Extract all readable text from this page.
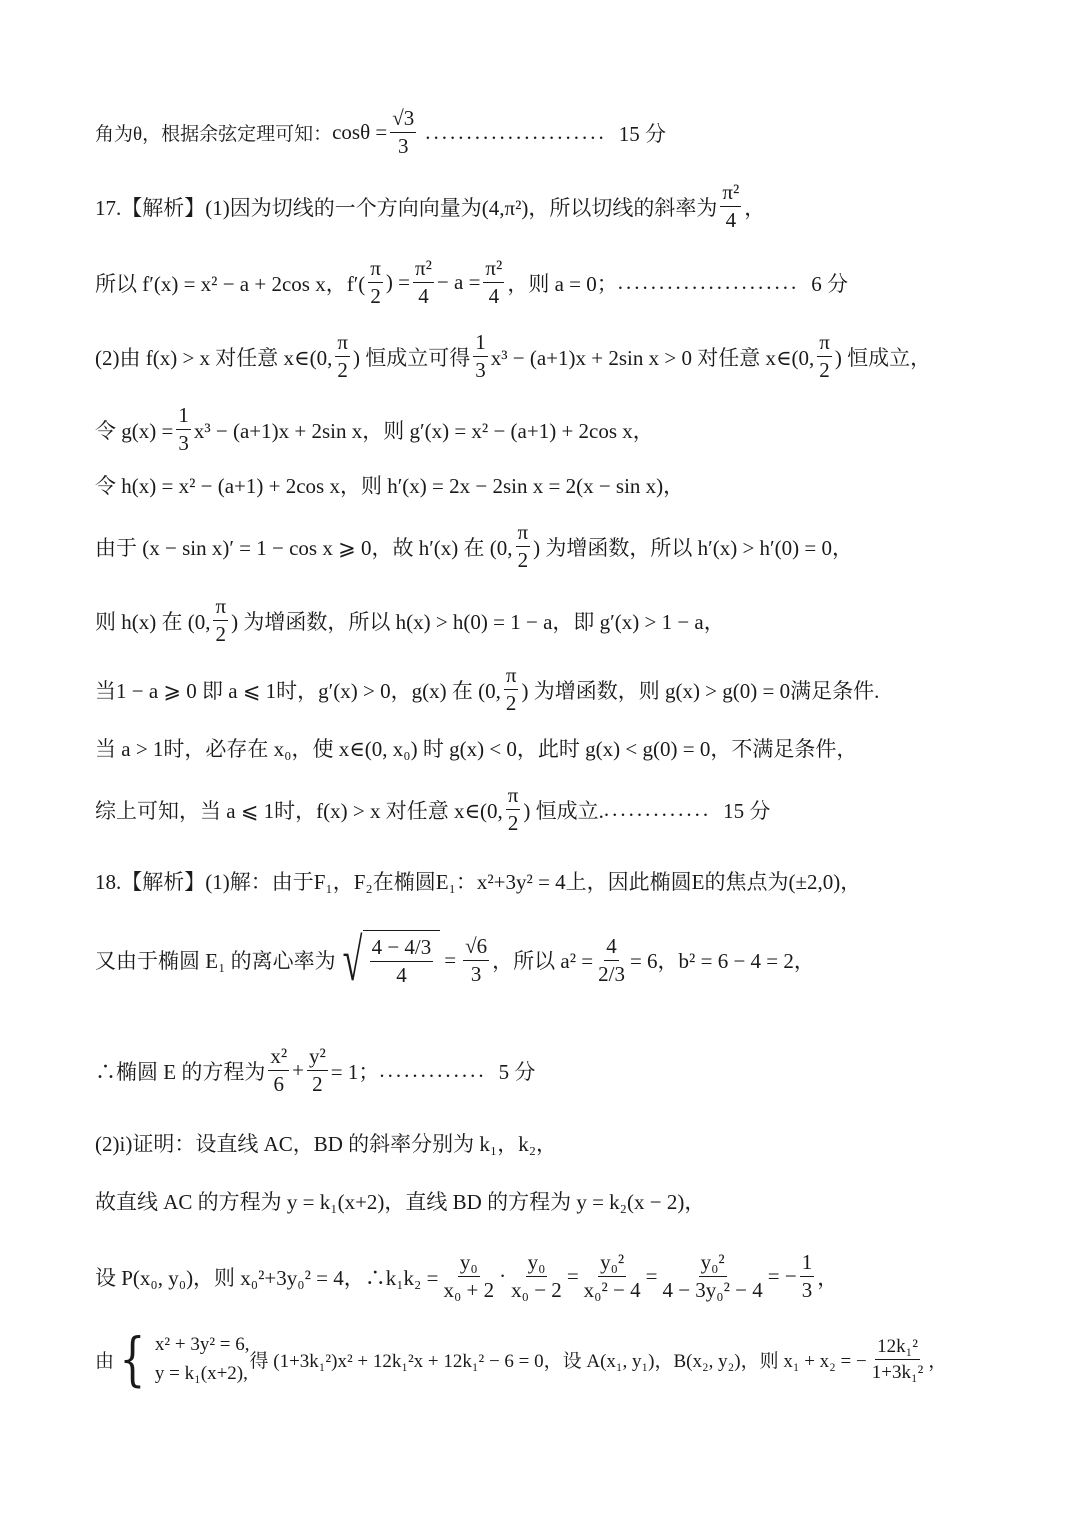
角为θ，根据余弦定理可知： $\cos\theta = \frac{√3}{3}$ ...................... 15 分
17.【解析】(1)因为切线的一个方向向量为(4,π²)，所以切线的斜率为 $\frac{\text{π²}}{4}$ ，
所以 f′(x) = x² − a + 2cos x，$f'( \frac{\pi}{2}$ ) = $\frac{\text{π²}}{4} - a = \frac{\text{π²}}{4}$ ，则 a = 0； ...................... 6 分
(2)由 f(x) > x 对任意 x∈(0, $\frac{\pi}{2}$ ) 恒成立可得 $\frac{1}{3} x^3 - (a+1)x + 2\sin$ x > 0 对任意 x∈(0, $\frac{\pi}{2}$ ) 恒成立，
令 $g(x) = \frac{1}{3} x^3 - (a+1)x + 2\sin$ x，则 g′(x) = x² − (a+1) + 2cos x，
令 h(x) = x² − (a+1) + 2cos x，则 h′(x) = 2x − 2sin x = 2(x − sin x)，
由于 (x − sin x)′ = 1 − cos x ⩾ 0，故 h′(x) 在 (0, $\frac{\pi}{2}$ ) 为增函数，所以 h′(x) > h′(0) = 0，
则 h(x) 在 (0, $\frac{\pi}{2}$ ) 为增函数，所以 h(x) > h(0) = 1 − a，即 g′(x) > 1 − a，
当1 − a ⩾ 0 即 a ⩽ 1时，g′(x) > 0，g(x) 在 (0, $\frac{\pi}{2}$ ) 为增函数，则 g(x) > g(0) = 0满足条件.
当 a > 1时，必存在 x₀，使 x∈(0, x₀) 时 g(x) < 0，此时 g(x) < g(0) = 0，不满足条件，
综上可知，当 a ⩽ 1时，f(x) > x 对任意 x∈(0, $\frac{\pi}{2}$ ) 恒成立. ............. 15 分
18.【解析】(1)解：由于F₁，F₂在椭圆E₁：x²+3y² = 4上，因此椭圆E的焦点为(±2,0)，
又由于椭圆 E₁ 的离心率为 √ $\frac{4 - 4/3}{4} = \frac{√6}{3}$ ，所以 $a^2 = \frac{4}{2/3} = 6$，b² = 6 − 4 = 2，
∴椭圆 E 的方程为 $\frac{\text{x²}}{6} + \frac{\text{y²}}{2} = 1$； ............. 5 分
(2)i)证明：设直线 AC，BD 的斜率分别为 k₁，k₂，
故直线 AC 的方程为 y = k₁(x+2)，直线 BD 的方程为 y = k₂(x − 2)，
设 P(x₀, y₀)，则 x₀²+3y₀² = 4，∴k₁k₂ = $\frac{\text{y₀}}{\text{x₀ + 2}} \cdot \frac{\text{y₀}}{\text{x₀ − 2}} = \frac{\text{y₀²}}{\text{x₀² − 4}} = \frac{\text{y₀²}}{\text{4 − 3y₀² − 4}}$ = − $\frac{1}{3}$ ，
由 { x² + 3y² = 6,
y = k₁(x+2),
得 (1+3k₁²)x² + 12k₁²x + 12k₁² − 6 = 0，设 A(x₁, y₁)，B(x₂, y₂)，则 x₁ + x₂ = − $\frac{\text{12k₁²}}{\text{1+3k₁²}}$ ，
